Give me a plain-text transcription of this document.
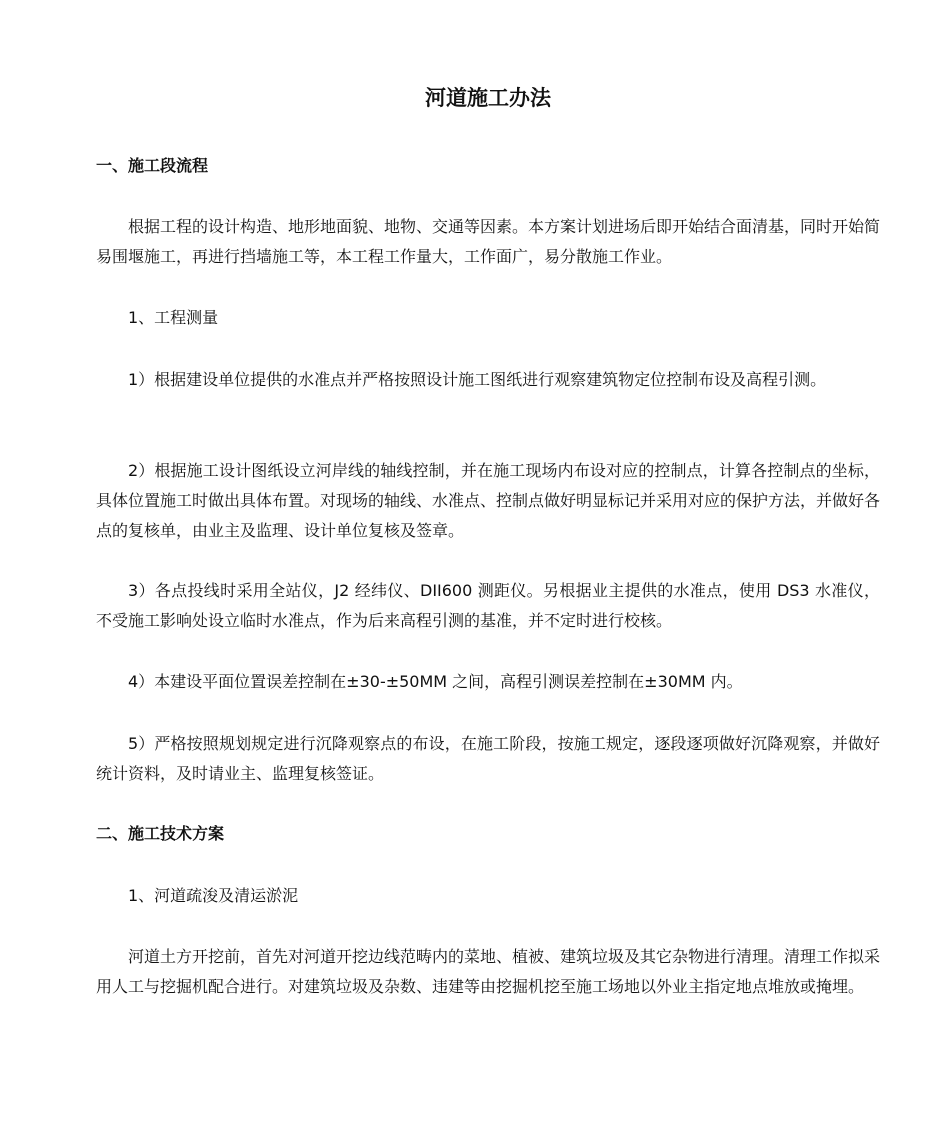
河道施工办法
一、施工段流程

根据工程的设计构造、地形地面貌、地物、交通等因素。本方案计划进场后即开始结合面清基，同时开始简易围堰施工，再进行挡墙施工等，本工程工作量大，工作面广，易分散施工作业。

1、工程测量

1）根据建设单位提供的水准点并严格按照设计施工图纸进行观察建筑物定位控制布设及高程引测。

2）根据施工设计图纸设立河岸线的轴线控制，并在施工现场内布设对应的控制点，计算各控制点的坐标，具体位置施工时做出具体布置。对现场的轴线、水准点、控制点做好明显标记并采用对应的保护方法，并做好各点的复核单，由业主及监理、设计单位复核及签章。

3）各点投线时采用全站仪，J2 经纬仪、DII600 测距仪。另根据业主提供的水准点，使用 DS3 水准仪，不受施工影响处设立临时水准点，作为后来高程引测的基准，并不定时进行校核。

4）本建设平面位置误差控制在±30-±50MM 之间，高程引测误差控制在±30MM 内。

5）严格按照规划规定进行沉降观察点的布设，在施工阶段，按施工规定，逐段逐项做好沉降观察，并做好统计资料，及时请业主、监理复核签证。

二、施工技术方案

1、河道疏浚及清运淤泥

河道土方开挖前，首先对河道开挖边线范畴内的菜地、植被、建筑垃圾及其它杂物进行清理。清理工作拟采用人工与挖掘机配合进行。对建筑垃圾及杂数、违建等由挖掘机挖至施工场地以外业主指定地点堆放或掩埋。
